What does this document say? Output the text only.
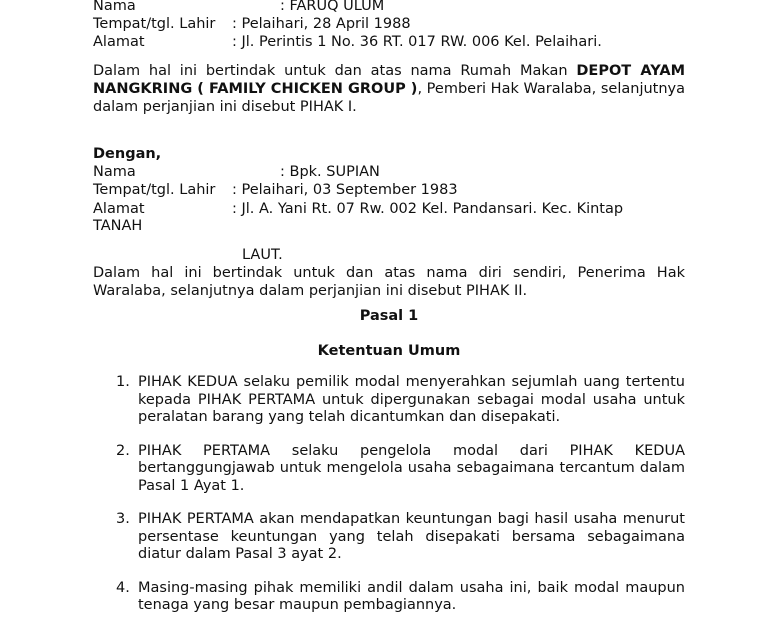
Nama	: FARUQ ULUM
Tempat/tgl. Lahir : Pelaihari, 28 April 1988
Alamat	: Jl. Perintis 1 No. 36 RT. 017 RW. 006 Kel. Pelaihari.
Dalam hal ini bertindak untuk dan atas nama Rumah Makan DEPOT AYAM NANGKRING ( FAMILY CHICKEN GROUP ), Pemberi Hak Waralaba, selanjutnya dalam perjanjian ini disebut PIHAK I.
Dengan,
Nama	: Bpk. SUPIAN
Tempat/tgl. Lahir : Pelaihari, 03 September 1983
Alamat	: Jl. A. Yani Rt. 07 Rw. 002 Kel. Pandansari. Kec. Kintap
TANAH
LAUT.
Dalam hal ini bertindak untuk dan atas nama diri sendiri, Penerima Hak Waralaba, selanjutnya dalam perjanjian ini disebut PIHAK II.
Pasal 1
Ketentuan Umum
1. PIHAK KEDUA selaku pemilik modal menyerahkan sejumlah uang tertentu kepada PIHAK PERTAMA untuk dipergunakan sebagai modal usaha untuk peralatan barang yang telah dicantumkan dan disepakati.
2. PIHAK PERTAMA selaku pengelola modal dari PIHAK KEDUA bertanggungjawab untuk mengelola usaha sebagaimana tercantum dalam Pasal 1 Ayat 1.
3. PIHAK PERTAMA akan mendapatkan keuntungan bagi hasil usaha menurut persentase keuntungan yang telah disepakati bersama sebagaimana diatur dalam Pasal 3 ayat 2.
4. Masing-masing pihak memiliki andil dalam usaha ini, baik modal maupun tenaga yang besar maupun pembagiannya.
